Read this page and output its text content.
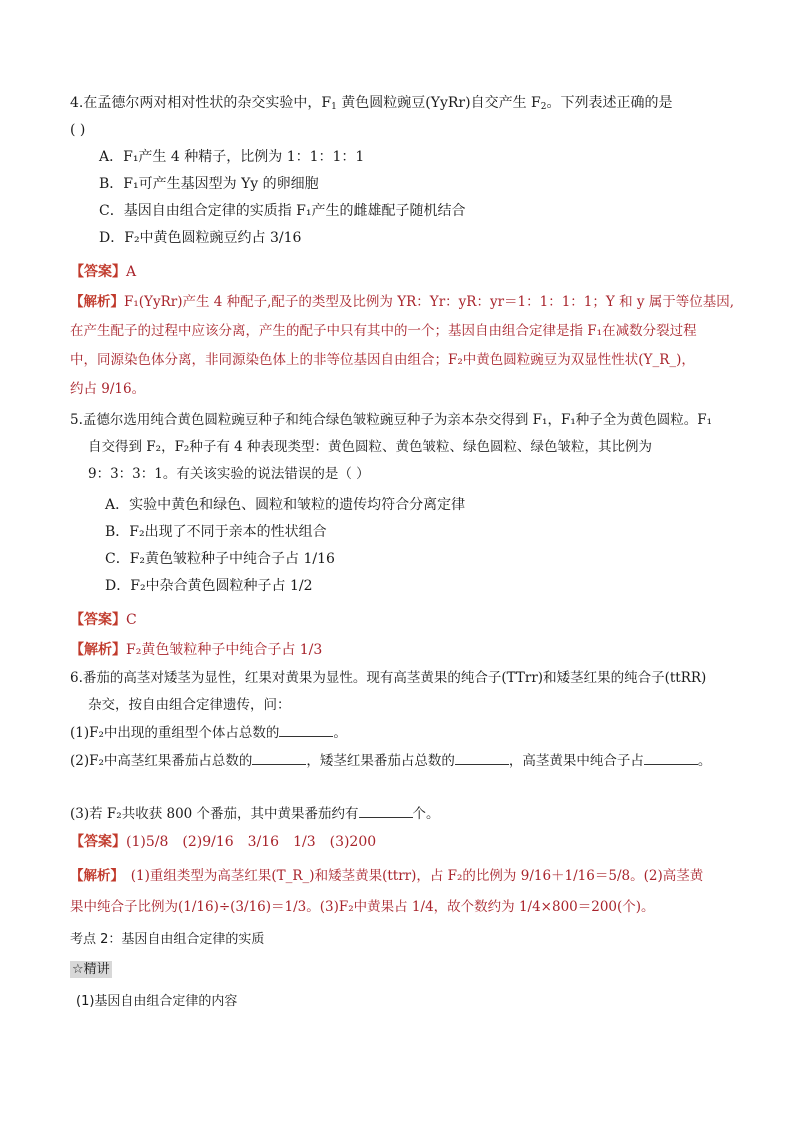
4.在孟德尔两对相对性状的杂交实验中，$F_1$ 黄色圆粒豌豆(YyRr)自交产生 $F_2$。下列表述正确的是
( )
A．F₁产生 4 种精子，比例为 1：1：1：1
B．F₁可产生基因型为 Yy 的卵细胞
C．基因自由组合定律的实质指 F₁产生的雌雄配子随机结合
D．F₂中黄色圆粒豌豆约占 3/16
【答案】A
【解析】F₁(YyRr)产生 4 种配子,配子的类型及比例为 YR：Yr：yR：yr＝1：1：1：1；Y 和 y 属于等位基因,
在产生配子的过程中应该分离，产生的配子中只有其中的一个；基因自由组合定律是指 F₁在减数分裂过程
中，同源染色体分离，非同源染色体上的非等位基因自由组合；F₂中黄色圆粒豌豆为双显性性状(Y_R_)，
约占 9/16。
5.孟德尔选用纯合黄色圆粒豌豆种子和纯合绿色皱粒豌豆种子为亲本杂交得到 F₁，F₁种子全为黄色圆粒。F₁
自交得到 F₂，F₂种子有 4 种表现类型：黄色圆粒、黄色皱粒、绿色圆粒、绿色皱粒，其比例为
9：3：3：1。有关该实验的说法错误的是（ ）
A．实验中黄色和绿色、圆粒和皱粒的遗传均符合分离定律
B．F₂出现了不同于亲本的性状组合
C．F₂黄色皱粒种子中纯合子占 1/16
D．F₂中杂合黄色圆粒种子占 1/2
【答案】C
【解析】F₂黄色皱粒种子中纯合子占 1/3
6.番茄的高茎对矮茎为显性，红果对黄果为显性。现有高茎黄果的纯合子(TTrr)和矮茎红果的纯合子(ttRR)
杂交，按自由组合定律遗传，问：
(1)F₂中出现的重组型个体占总数的	。
(2)F₂中高茎红果番茄占总数的	，矮茎红果番茄占总数的	，高茎黄果中纯合子占	。
(3)若 F₂共收获 800 个番茄，其中黄果番茄约有	个。
【答案】(1)5/8　(2)9/16　3/16　1/3　(3)200
【解析】　(1)重组类型为高茎红果(T_R_)和矮茎黄果(ttrr)，占 F₂的比例为 9/16＋1/16＝5/8。(2)高茎黄
果中纯合子比例为(1/16)÷(3/16)＝1/3。(3)F₂中黄果占 1/4，故个数约为 1/4×800＝200(个)。
考点 2：基因自由组合定律的实质
☆精讲
(1)基因自由组合定律的内容
